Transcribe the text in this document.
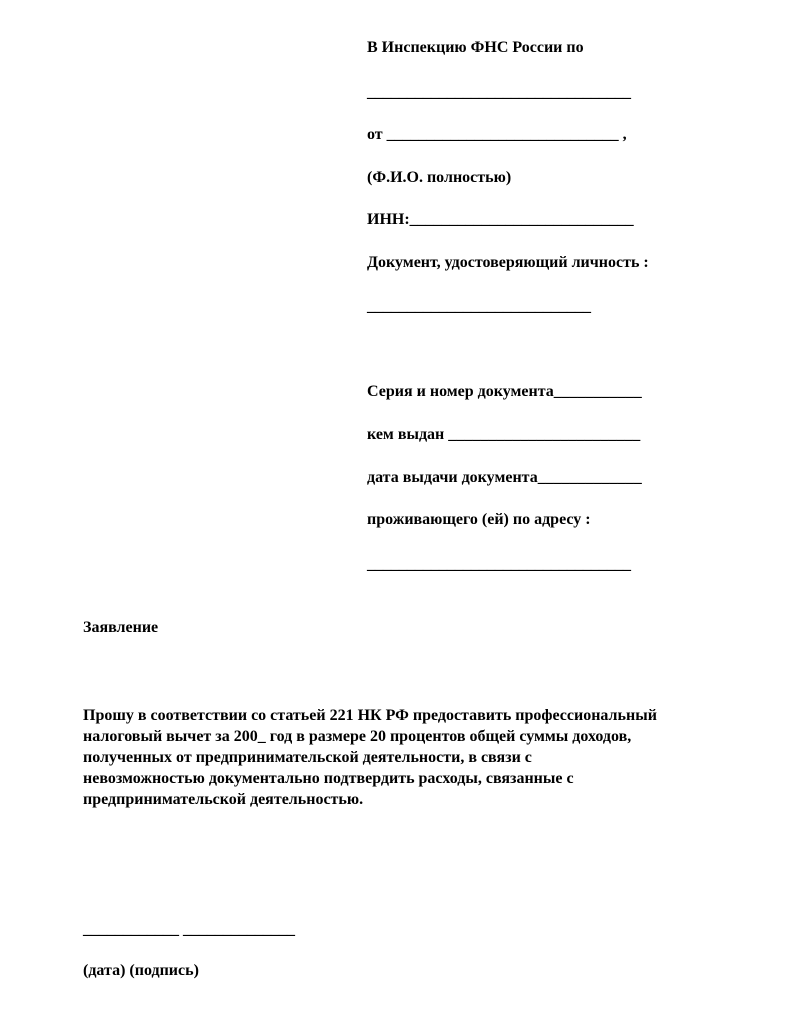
В Инспекцию ФНС России по
_________________________________
от _____________________________ ,
(Ф.И.О. полностью)
ИНН:____________________________
Документ, удостоверяющий личность :
____________________________
Серия и номер документа___________
кем выдан ________________________
дата выдачи документа_____________
проживающего (ей) по адресу :
_________________________________
Заявление
Прошу в соответствии со статьей 221 НК РФ предоставить профессиональный
налоговый вычет за 200_ год в размере 20 процентов общей суммы доходов,
полученных от предпринимательской деятельности, в связи с
невозможностью документально подтвердить расходы, связанные с
предпринимательской деятельностью.
____________ ______________
(дата) (подпись)
